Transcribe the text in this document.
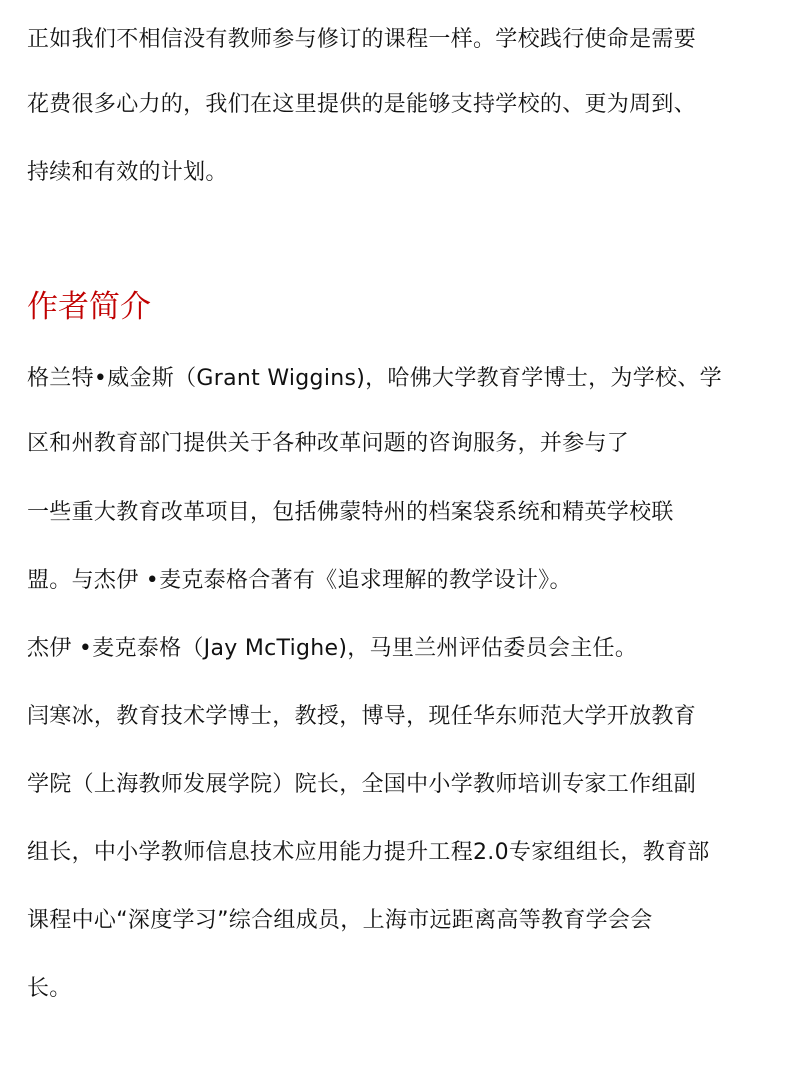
正如我们不相信没有教师参与修订的课程一样。学校践行使命是需要
花费很多心力的，我们在这里提供的是能够支持学校的、更为周到、
持续和有效的计划。
作者简介
格兰特•威金斯（Grant Wiggins)，哈佛大学教育学博士，为学校、学
区和州教育部门提供关于各种改革问题的咨询服务，并参与了
一些重大教育改革项目，包括佛蒙特州的档案袋系统和精英学校联
盟。与杰伊 •麦克泰格合著有《追求理解的教学设计》。
杰伊 •麦克泰格（Jay McTighe)，马里兰州评估委员会主任。
闫寒冰，教育技术学博士，教授，博导，现任华东师范大学开放教育
学院（上海教师发展学院）院长，全国中小学教师培训专家工作组副
组长，中小学教师信息技术应用能力提升工程2.0专家组组长，教育部
课程中心“深度学习”综合组成员，上海市远距离高等教育学会会
长。
